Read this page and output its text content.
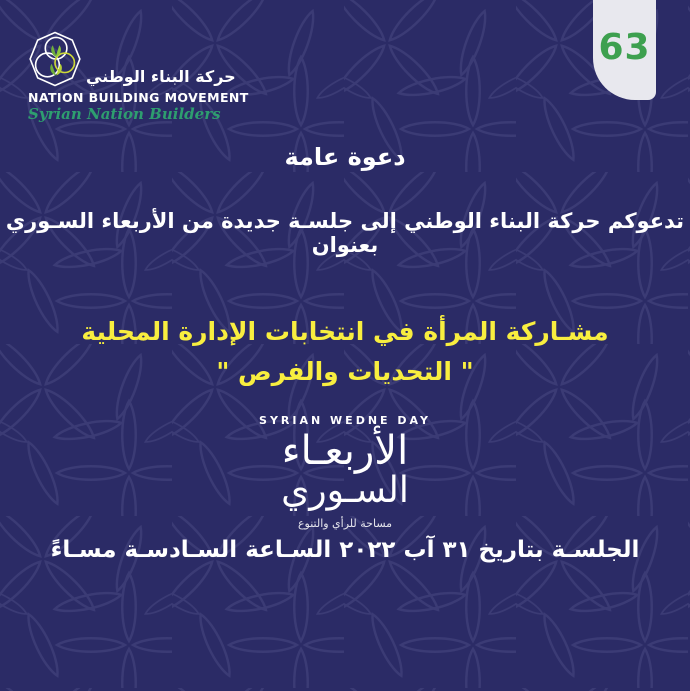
63
حركة البناء الوطني
NATION BUILDING MOVEMENT
Syrian Nation Builders
دعوة عامة
تدعوكم حركة البناء الوطني إلى جلسـة جديدة من الأربعاء السـوري بعنوان
مشـاركة المرأة في انتخابات الإدارة المحلية
" التحديات والفرص "
SYRIAN WEDNE DAY
الأربعـاء
السـوري
مساحة للرأي والتنوع
الجلسـة بتاريخ ٣١ آب ٢٠٢٢ السـاعة السـادسـة مسـاءً
